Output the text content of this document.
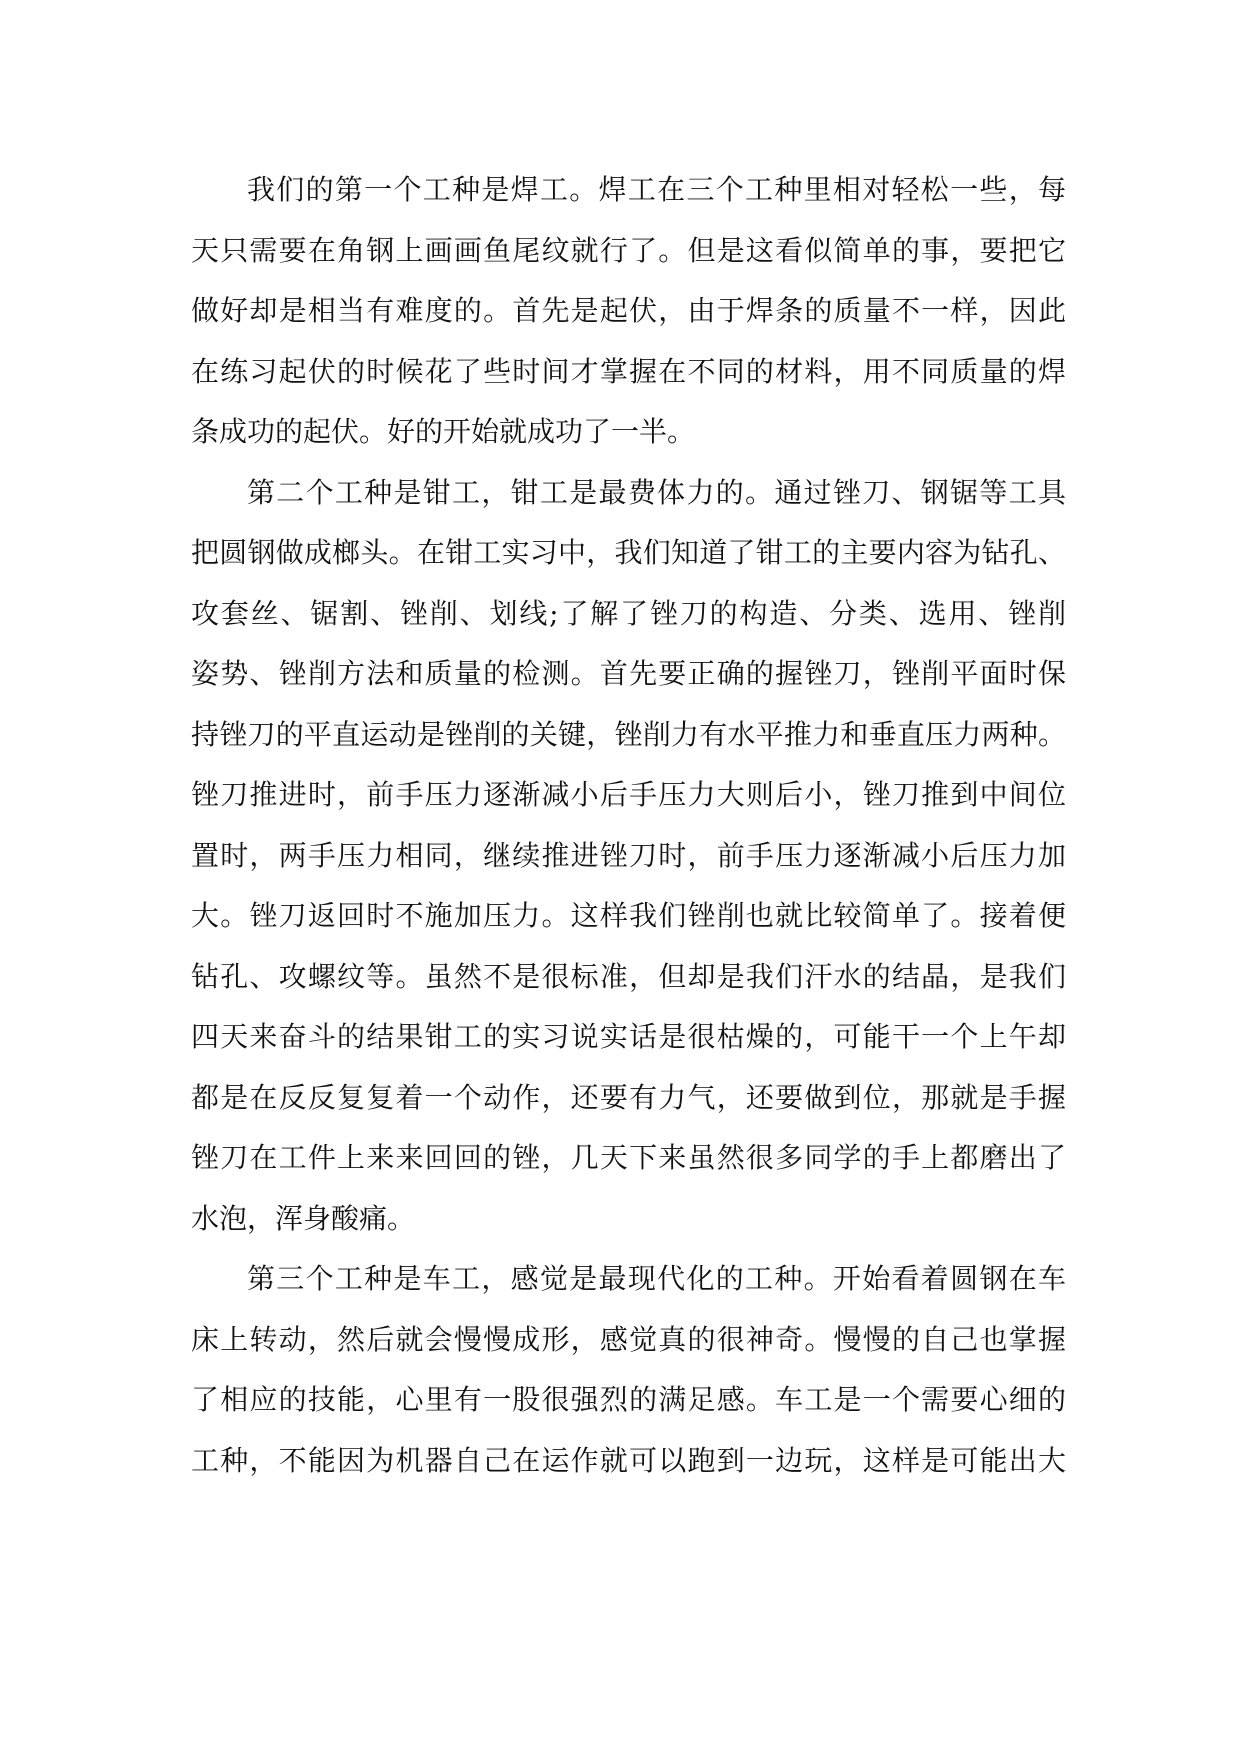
我们的第一个工种是焊工。焊工在三个工种里相对轻松一些，每
天只需要在角钢上画画鱼尾纹就行了。但是这看似简单的事，要把它
做好却是相当有难度的。首先是起伏，由于焊条的质量不一样，因此
在练习起伏的时候花了些时间才掌握在不同的材料，用不同质量的焊
条成功的起伏。好的开始就成功了一半。

第二个工种是钳工，钳工是最费体力的。通过锉刀、钢锯等工具
把圆钢做成榔头。在钳工实习中，我们知道了钳工的主要内容为钻孔、
攻套丝、锯割、锉削、划线;了解了锉刀的构造、分类、选用、锉削
姿势、锉削方法和质量的检测。首先要正确的握锉刀，锉削平面时保
持锉刀的平直运动是锉削的关键，锉削力有水平推力和垂直压力两种。
锉刀推进时，前手压力逐渐减小后手压力大则后小，锉刀推到中间位
置时，两手压力相同，继续推进锉刀时，前手压力逐渐减小后压力加
大。锉刀返回时不施加压力。这样我们锉削也就比较简单了。接着便
钻孔、攻螺纹等。虽然不是很标准，但却是我们汗水的结晶，是我们
四天来奋斗的结果钳工的实习说实话是很枯燥的，可能干一个上午却
都是在反反复复着一个动作，还要有力气，还要做到位，那就是手握
锉刀在工件上来来回回的锉，几天下来虽然很多同学的手上都磨出了
水泡，浑身酸痛。

第三个工种是车工，感觉是最现代化的工种。开始看着圆钢在车
床上转动，然后就会慢慢成形，感觉真的很神奇。慢慢的自己也掌握
了相应的技能，心里有一股很强烈的满足感。车工是一个需要心细的
工种，不能因为机器自己在运作就可以跑到一边玩，这样是可能出大
